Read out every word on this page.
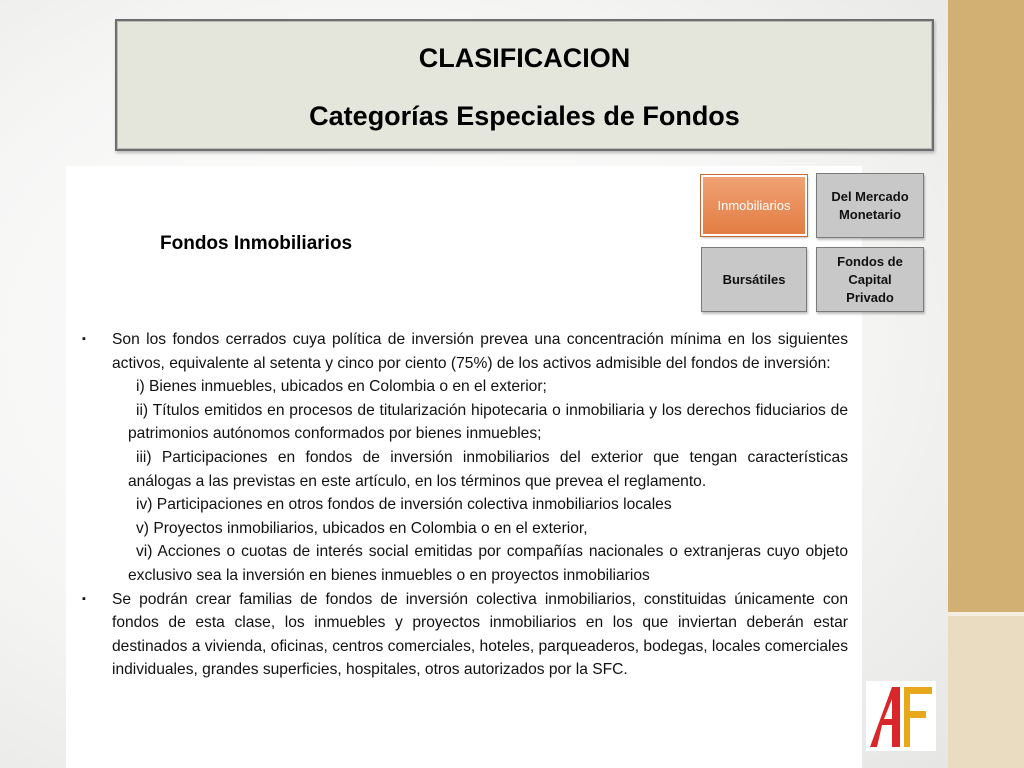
CLASIFICACION
Categorías Especiales de Fondos
Inmobiliarios
Del Mercado Monetario
Bursátiles
Fondos de Capital Privado
Fondos Inmobiliarios

▪ Son los fondos cerrados cuya política de inversión prevea una concentración mínima en los siguientes activos, equivalente al setenta y cinco por ciento (75%) de los activos admisible del fondos de inversión:

i) Bienes inmuebles, ubicados en Colombia o en el exterior;

ii) Títulos emitidos en procesos de titularización hipotecaria o inmobiliaria y los derechos fiduciarios de patrimonios autónomos conformados por bienes inmuebles;

iii) Participaciones en fondos de inversión inmobiliarios del exterior que tengan características análogas a las previstas en este artículo, en los términos que prevea el reglamento.

iv) Participaciones en otros fondos de inversión colectiva inmobiliarios locales

v) Proyectos inmobiliarios, ubicados en Colombia o en el exterior,

vi) Acciones o cuotas de interés social emitidas por compañías nacionales o extranjeras cuyo objeto exclusivo sea la inversión en bienes inmuebles o en proyectos inmobiliarios

▪ Se podrán crear familias de fondos de inversión colectiva inmobiliarios, constituidas únicamente con fondos de esta clase, los inmuebles y proyectos inmobiliarios en los que inviertan deberán estar destinados a vivienda, oficinas, centros comerciales, hoteles, parqueaderos, bodegas, locales comerciales individuales, grandes superficies, hospitales, otros autorizados por la SFC.
